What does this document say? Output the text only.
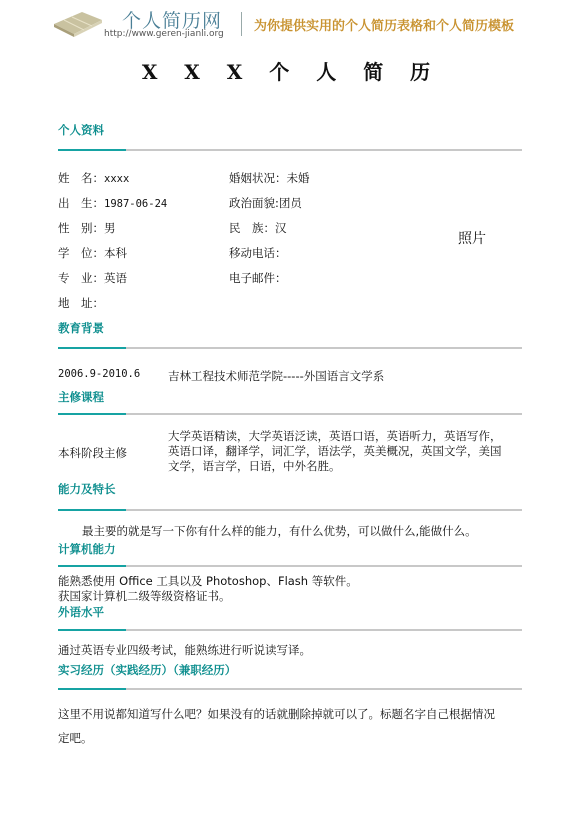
个人简历网
http://www.geren-jianli.org 为你提供实用的个人简历表格和个人简历模板
X X X 个 人 简 历
个人资料
姓　名：xxxx
出　生：1987-06-24
性　别：男
学　位：本科
专　业：英语
地　址：
婚姻状况：未婚
政治面貌:团员
民　族：汉
移动电话：
电子邮件：
照片
教育背景
2006.9-2010.6 吉林工程技术师范学院-----外国语言文学系
主修课程
本科阶段主修
大学英语精读，大学英语泛读，英语口语，英语听力，英语写作，
英语口译，翻译学，词汇学，语法学，英美概况，英国文学，美国
文学，语言学，日语，中外名胜。
能力及特长
最主要的就是写一下你有什么样的能力，有什么优势，可以做什么,能做什么。
计算机能力
能熟悉使用 Office 工具以及 Photoshop、Flash 等软件。
获国家计算机二级等级资格证书。
外语水平
通过英语专业四级考试，能熟练进行听说读写译。
实习经历（实践经历）（兼职经历）
这里不用说都知道写什么吧？如果没有的话就删除掉就可以了。标题名字自己根据情况
定吧。
